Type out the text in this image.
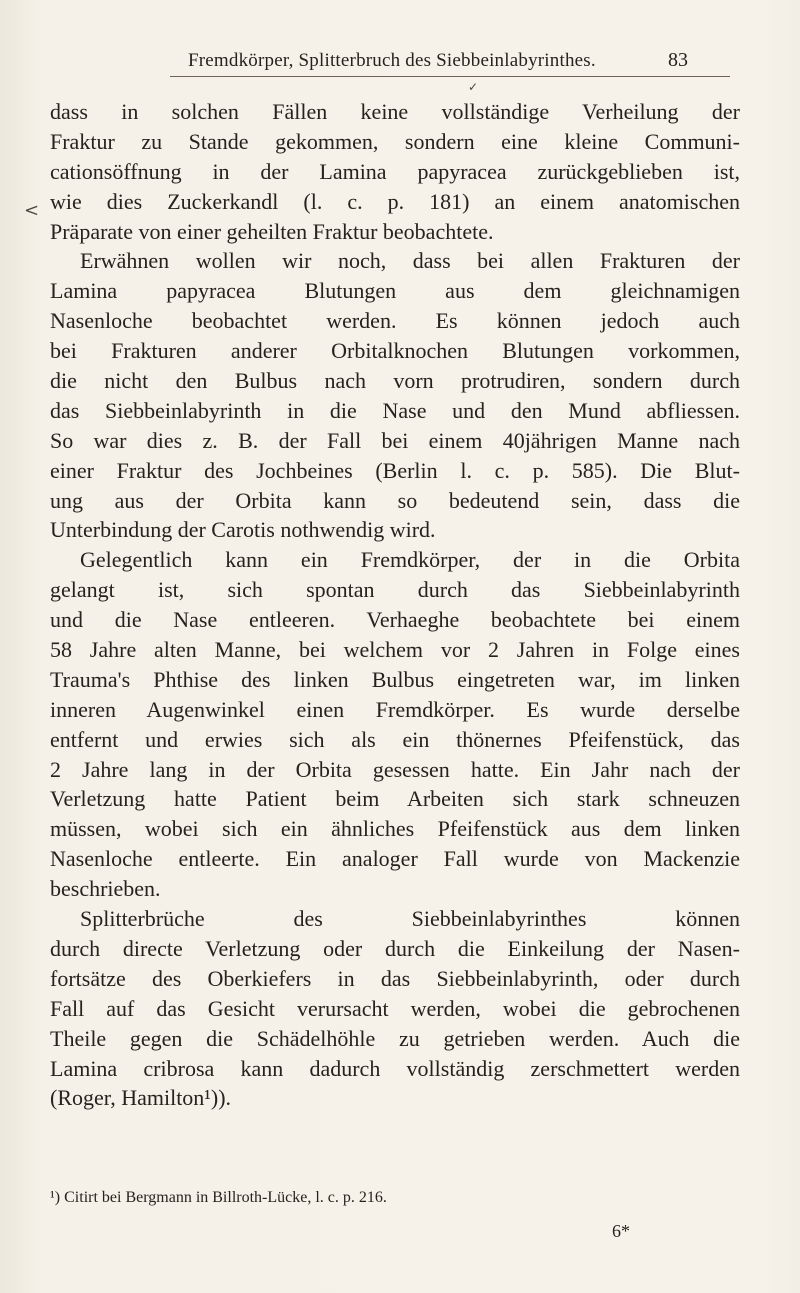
Fremdkörper, Splitterbruch des Siebbeinlabyrinthes.	83
✓
<
dass in solchen Fällen keine vollständige Verheilung der
Fraktur zu Stande gekommen, sondern eine kleine Communi-
cationsöffnung in der Lamina papyracea zurückgeblieben ist,
wie dies Zuckerkandl (l. c. p. 181) an einem anatomischen
Präparate von einer geheilten Fraktur beobachtete.
Erwähnen wollen wir noch, dass bei allen Frakturen der
Lamina papyracea Blutungen aus dem gleichnamigen
Nasenloche beobachtet werden. Es können jedoch auch
bei Frakturen anderer Orbitalknochen Blutungen vorkommen,
die nicht den Bulbus nach vorn protrudiren, sondern durch
das Siebbeinlabyrinth in die Nase und den Mund abfliessen.
So war dies z. B. der Fall bei einem 40jährigen Manne nach
einer Fraktur des Jochbeines (Berlin l. c. p. 585). Die Blut-
ung aus der Orbita kann so bedeutend sein, dass die
Unterbindung der Carotis nothwendig wird.
Gelegentlich kann ein Fremdkörper, der in die Orbita
gelangt ist, sich spontan durch das Siebbeinlabyrinth
und die Nase entleeren. Verhaeghe beobachtete bei einem
58 Jahre alten Manne, bei welchem vor 2 Jahren in Folge eines
Trauma's Phthise des linken Bulbus eingetreten war, im linken
inneren Augenwinkel einen Fremdkörper. Es wurde derselbe
entfernt und erwies sich als ein thönernes Pfeifenstück, das
2 Jahre lang in der Orbita gesessen hatte. Ein Jahr nach der
Verletzung hatte Patient beim Arbeiten sich stark schneuzen
müssen, wobei sich ein ähnliches Pfeifenstück aus dem linken
Nasenloche entleerte. Ein analoger Fall wurde von Mackenzie
beschrieben.
Splitterbrüche des Siebbeinlabyrinthes können
durch directe Verletzung oder durch die Einkeilung der Nasen-
fortsätze des Oberkiefers in das Siebbeinlabyrinth, oder durch
Fall auf das Gesicht verursacht werden, wobei die gebrochenen
Theile gegen die Schädelhöhle zu getrieben werden. Auch die
Lamina cribrosa kann dadurch vollständig zerschmettert werden
(Roger, Hamilton¹)).
¹) Citirt bei Bergmann in Billroth-Lücke, l. c. p. 216.
6*
